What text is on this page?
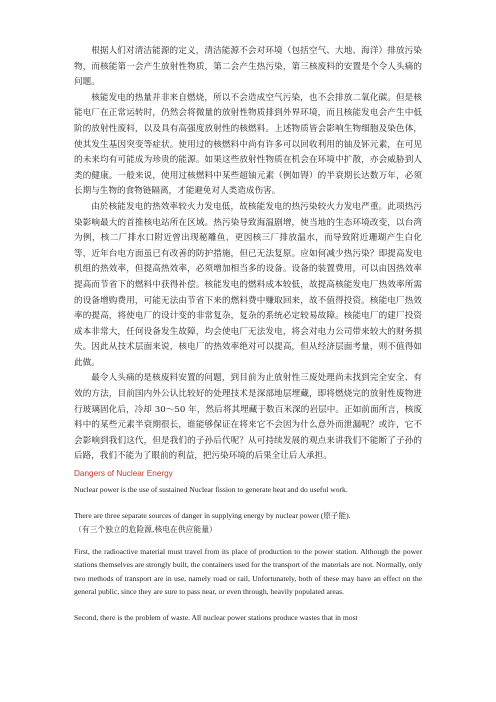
根据人们对清洁能源的定义，清洁能源不会对环境（包括空气、大地、海洋）排放污染物，而核能第一会产生放射性物质，第二会产生热污染，第三核废料的安置是个令人头痛的问题。

核能发电的热量并非来自燃烧，所以不会造成空气污染，也不会排放二氧化碳。但是核能电厂在正常运转时，仍然会将微量的放射性物质排到外界环境，而且核能发电会产生中低阶的放射性废料，以及具有高强度放射性的核燃料。上述物质皆会影响生物细胞及染色体，使其发生基因突变等症状。使用过的核燃料中尚有许多可以回收利用的铀及钚元素，在可见的未来均有可能成为珍贵的能源。如果这些放射性物质在机会在环境中扩散，亦会威胁到人类的健康。一般来说，使用过核燃料中某些超铀元素（例如锝）的半衰期长达数万年，必须长期与生物的食物链隔离，才能避免对人类造成伤害。

由於核能发电的热效率较火力发电低，故核能发电的热污染较火力发电严重。此项热污染影响最大的首推核电站所在区域。热污染导致海温剧增，使当地的生态环境改变，以台湾为例，核二厂排水口附近曾出现秘雕鱼，更因核三厂排放温水，而导致附近珊瑚产生白化等，近年台电方面虽已有改善的防护措施，但已无法复原。应如何减少热污染？即提高发电机组的热效率，但提高热效率，必须增加相当多的设备。设备的装置费用，可以由因热效率提高而节省下的燃料中获得补偿。核能发电的燃料成本较低，故提高核能发电厂热效率所需的设备增购费用，可能无法由节省下来的燃料费中赚取回来，故不值得投资。核能电厂热效率的提高，将使电厂的设计变的非常复杂，复杂的系统必定较易故障。核能电厂的建厂投资成本非常大，任何设备发生故障，均会使电厂无法发电，将会对电力公司带来较大的财务损失。因此从技术层面来说，核电厂的热效率绝对可以提高，但从经济层面考量，则不值得如此做。

最令人头痛的是核废料安置的问题，到目前为止放射性三废处理尚未找到完全安全、有效的方法，目前国内外公认比较好的处理技术是深部地层埋藏，即将燃烧完的放射性废物进行玻璃固化后，冷却 30～50 年，然后将其埋藏于数百米深的岩层中。正如前面所言，核废料中的某些元素半衰期很长，谁能够保证在将来它不会因为什么意外而泄漏呢？或许，它不会影响到我们这代，但是我们的子孙后代呢？从可持续发展的观点来讲我们不能断了子孙的后路，我们不能为了眼前的利益，把污染环境的后果全让后人承担。

Dangers of Nuclear Energy

Nuclear power is the use of sustained Nuclear fission to generate heat and do useful work.

There are three separate sources of danger in supplying energy by nuclear power (原子能).

（有三个独立的危险源,核电在供应能量）

First, the radioactive material must travel from its place of production to the power station. Although the power stations themselves are strongly built, the containers used for the transport of the materials are not. Normally, only two methods of transport are in use, namely road or rail, Unfortunately, both of these may have an effect on the general public, since they are sure to pass near, or even through, heavily populated areas.

Second, there is the problem of waste. All nuclear power stations produce wastes that in most
